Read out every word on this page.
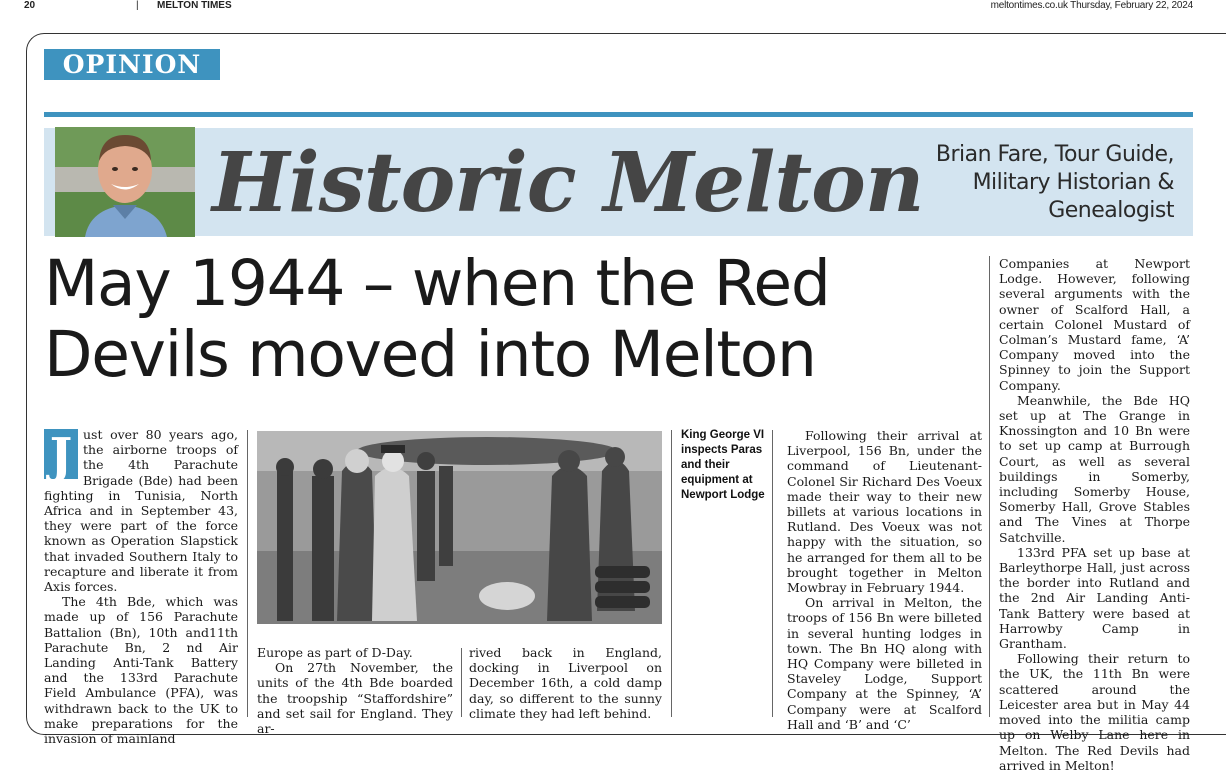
20	| MELTON TIMES	meltontimes.co.uk Thursday, February 22, 2024
OPINION
Historic Melton Brian Fare, Tour Guide,
Military Historian &
Genealogist
May 1944 – when the Red
Devils moved into Melton
J ust over 80 years ago, the airborne troops of the 4th Parachute Brigade (Bde) had been fighting in Tunisia, North Africa and in September 43, they were part of the force known as Operation Slapstick that invaded Southern Italy to recapture and liberate it from Axis forces.

The 4th Bde, which was made up of 156 Parachute Battalion (Bn), 10th and11th Parachute Bn, 2 nd Air Landing Anti-Tank Battery and the 133rd Parachute Field Ambulance (PFA), was withdrawn back to the UK to make preparations for the invasion of mainland

Europe as part of D-Day.

On 27th November, the units of the 4th Bde boarded the troopship “Staffordshire” and set sail for England. They ar-

rived back in England, docking in Liverpool on December 16th, a cold damp day, so different to the sunny climate they had left behind.

King George VI inspects Paras and their equipment at Newport Lodge

Following their arrival at Liverpool, 156 Bn, under the command of Lieutenant-Colonel Sir Richard Des Voeux made their way to their new billets at various locations in Rutland. Des Voeux was not happy with the situation, so he arranged for them all to be brought together in Melton Mowbray in February 1944.

On arrival in Melton, the troops of 156 Bn were billeted in several hunting lodges in town. The Bn HQ along with HQ Company were billeted in Staveley Lodge, Support Company at the Spinney, ‘A’ Company were at Scalford Hall and ‘B’ and ‘C’

Companies at Newport Lodge. However, following several arguments with the owner of Scalford Hall, a certain Colonel Mustard of Colman’s Mustard fame, ‘A’ Company moved into the Spinney to join the Support Company.

Meanwhile, the Bde HQ set up at The Grange in Knossington and 10 Bn were to set up camp at Burrough Court, as well as several buildings in Somerby, including Somerby House, Somerby Hall, Grove Stables and The Vines at Thorpe Satchville.

133rd PFA set up base at Barleythorpe Hall, just across the border into Rutland and the 2nd Air Landing Anti-Tank Battery were based at Harrowby Camp in Grantham.

Following their return to the UK, the 11th Bn were scattered around the Leicester area but in May 44 moved into the militia camp up on Welby Lane here in Melton. The Red Devils had arrived in Melton!
